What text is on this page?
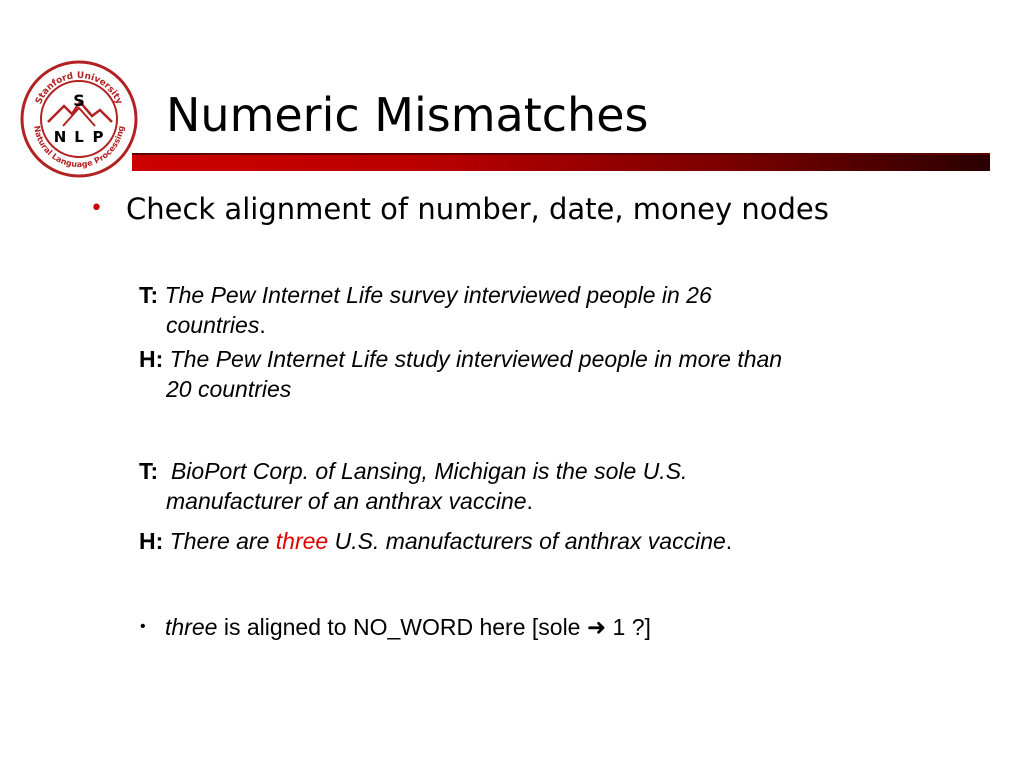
Stanford University
Natural Language Processing
S
N L P Numeric Mismatches
• Check alignment of number, date, money nodes
T: The Pew Internet Life survey interviewed people in 26
countries.
H: The Pew Internet Life study interviewed people in more than
20 countries
T: BioPort Corp. of Lansing, Michigan is the sole U.S.
manufacturer of an anthrax vaccine.
H: There are three U.S. manufacturers of anthrax vaccine.
• three is aligned to NO_WORD here [sole ➜ 1 ?]
